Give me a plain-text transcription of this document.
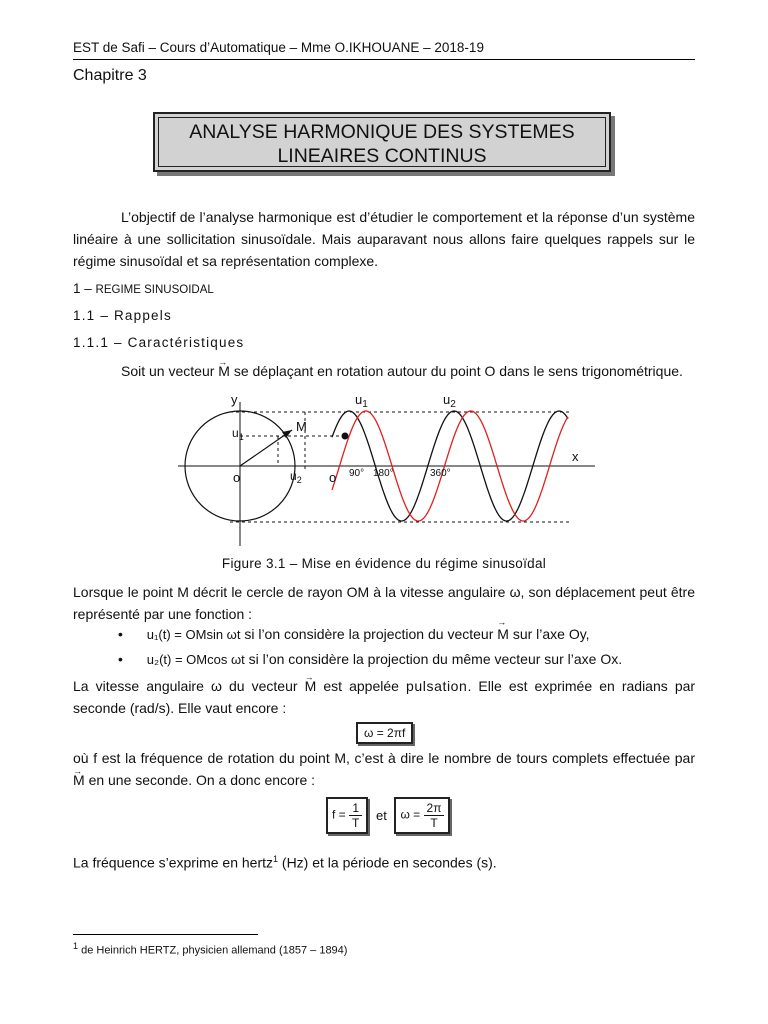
EST de Safi – Cours d’Automatique – Mme O.IKHOUANE – 2018-19
Chapitre 3
ANALYSE HARMONIQUE DES SYSTEMES
LINEAIRES CONTINUS
L’objectif de l’analyse harmonique est d’étudier le comportement et la réponse d’un système linéaire à une sollicitation sinusoïdale. Mais auparavant nous allons faire quelques rappels sur le régime sinusoïdal et sa représentation complexe.
1 – REGIME SINUSOIDAL
1.1 – Rappels
1.1.1 – Caractéristiques
Soit un vecteur → M se déplaçant en rotation autour du point O dans le sens trigonométrique.
y
x
M
o	o
$u_1$
$u_2$
$u_1$	$u_2$
90° 180°	360°
Figure 3.1 – Mise en évidence du régime sinusoïdal
Lorsque le point M décrit le cercle de rayon OM à la vitesse angulaire ω, son déplacement peut être représenté par une fonction :
• u₁(t) = OMsin ωt si l’on considère la projection du vecteur → M sur l’axe Oy,
• u₂(t) = OMcos ωt si l’on considère la projection du même vecteur sur l’axe Ox.
La vitesse angulaire ω du vecteur → M est appelée pulsation. Elle est exprimée en radians par seconde (rad/s). Elle vaut encore :
ω = 2πf
où f est la fréquence de rotation du point M, c’est à dire le nombre de tours complets effectuée par → M en une seconde. On a donc encore :
$f = \frac{1}{T}$ et $\omega = \frac{2\pi}{T}$
La fréquence s’exprime en hertz$^1$ (Hz) et la période en secondes (s).
$^1$ de Heinrich HERTZ, physicien allemand (1857 – 1894)
